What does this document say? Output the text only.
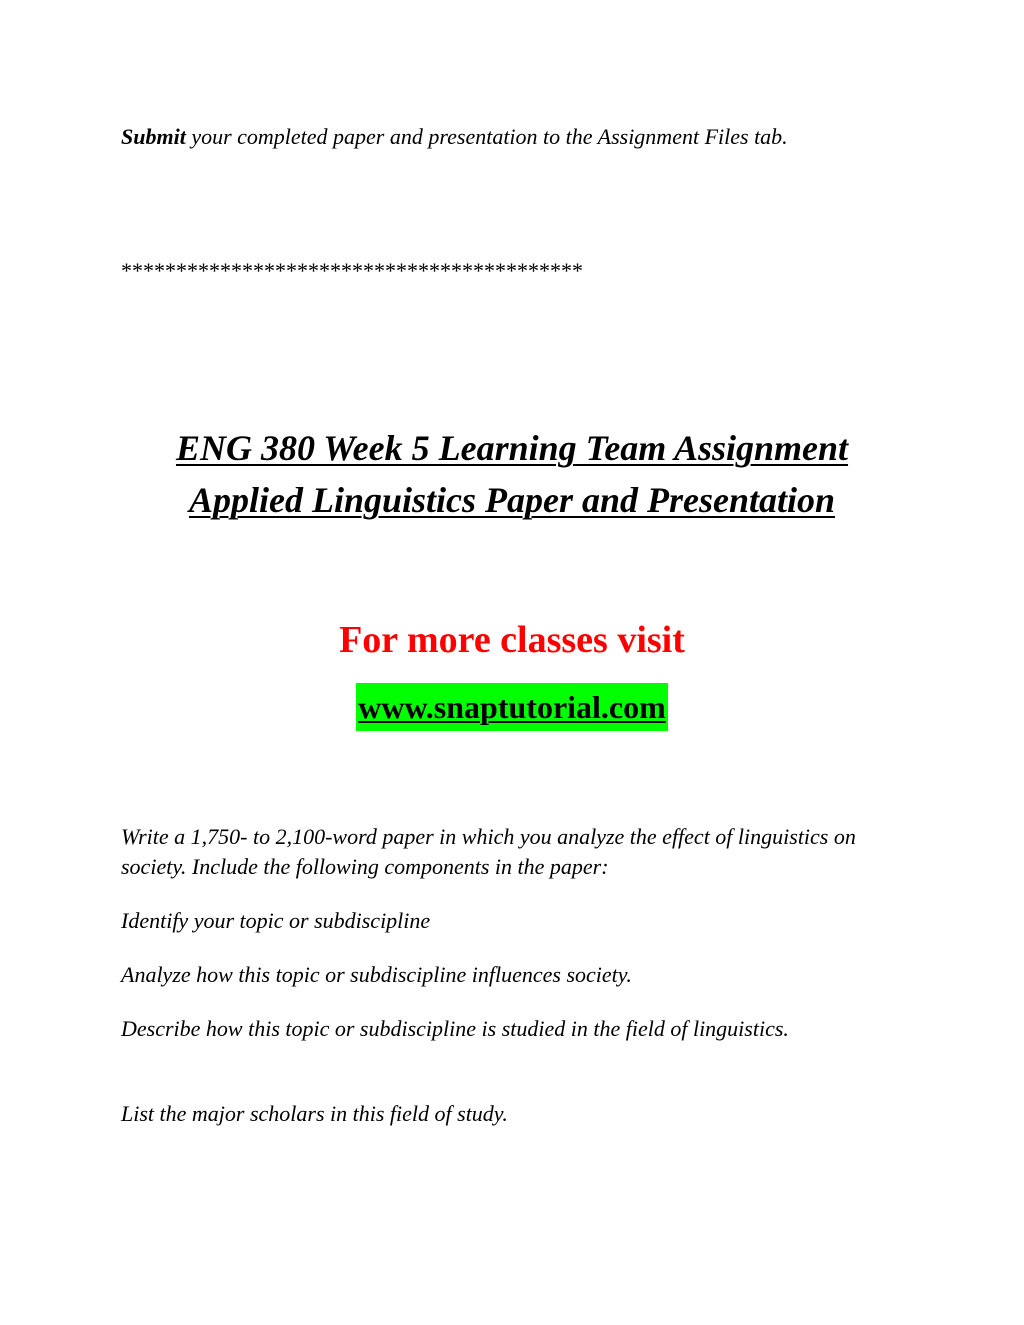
Submit your completed paper and presentation to the Assignment Files tab.

******************************************

ENG 380 Week 5 Learning Team Assignment
Applied Linguistics Paper and Presentation

For more classes visit

www.snaptutorial.com

Write a 1,750- to 2,100-word paper in which you analyze the effect of linguistics on society. Include the following components in the paper:

Identify your topic or subdiscipline

Analyze how this topic or subdiscipline influences society.

Describe how this topic or subdiscipline is studied in the field of linguistics.

List the major scholars in this field of study.
